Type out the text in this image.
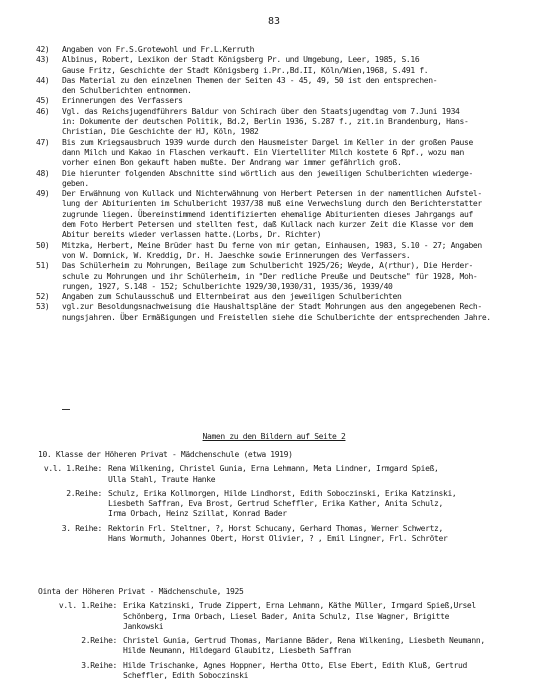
83
42)	Angaben von Fr.S.Grotewohl und Fr.L.Kerruth
43)	Albinus, Robert, Lexikon der Stadt Königsberg Pr. und Umgebung, Leer, 1985, S.16
Gause Fritz, Geschichte der Stadt Königsberg i.Pr.,Bd.II, Köln/Wien,1968, S.491 f.
44)	Das Material zu den einzelnen Themen der Seiten 43 - 45, 49, 50 ist den entsprechen-
den Schulberichten entnommen.
45)	Erinnerungen des Verfassers
46)	Vgl. das Reichsjugendführers Baldur von Schirach über den Staatsjugendtag vom 7.Juni 1934
in: Dokumente der deutschen Politik, Bd.2, Berlin 1936, S.287 f., zit.in Brandenburg, Hans-
Christian, Die Geschichte der HJ, Köln, 1982
47)	Bis zum Kriegsausbruch 1939 wurde durch den Hausmeister Dargel im Keller in der großen Pause
dann Milch und Kakao in Flaschen verkauft. Ein Viertelliter Milch kostete 6 Rpf., wozu man
vorher einen Bon gekauft haben mußte. Der Andrang war immer gefährlich groß.
48)	Die hierunter folgenden Abschnitte sind wörtlich aus den jeweiligen Schulberichten wiederge-
geben.
49)	Der Erwähnung von Kullack und Nichterwähnung von Herbert Petersen in der namentlichen Aufstel-
lung der Abiturienten im Schulbericht 1937/38 muß eine Verwechslung durch den Berichterstatter
zugrunde liegen. Übereinstimmend identifizierten ehemalige Abiturienten dieses Jahrgangs auf
dem Foto Herbert Petersen und stellten fest, daß Kullack nach kurzer Zeit die Klasse vor dem
Abitur bereits wieder verlassen hatte.(Lorbs, Dr. Richter)
50)	Mitzka, Herbert, Meine Brüder hast Du ferne von mir getan, Einhausen, 1983, S.10 - 27; Angaben
von W. Domnick, W. Kreddig, Dr. H. Jaeschke sowie Erinnerungen des Verfassers.
51)	Das Schülerheim zu Mohrungen, Beilage zum Schulbericht 1925/26; Weyde, A(rthur), Die Herder-
schule zu Mohrungen und ihr Schülerheim, in "Der redliche Preuße und Deutsche" für 1928, Moh-
rungen, 1927, S.148 - 152; Schulberichte 1929/30,1930/31, 1935/36, 1939/40
52)	Angaben zum Schulausschuß und Elternbeirat aus den jeweiligen Schulberichten
53)	vgl.zur Besoldungsnachweisung die Haushaltspläne der Stadt Mohrungen aus den angegebenen Rech-
nungsjahren. Über Ermäßigungen und Freistellen siehe die Schulberichte der entsprechenden Jahre.
Namen zu den Bildern auf Seite 2
10. Klasse der Höheren Privat - Mädchenschule (etwa 1919)
v.l. 1.Reihe: Rena Wilkening, Christel Gunia, Erna Lehmann, Meta Lindner, Irmgard Spieß,
Ulla Stahl, Traute Hanke
2.Reihe: Schulz, Erika Kollmorgen, Hilde Lindhorst, Edith Soboczinski, Erika Katzinski,
Liesbeth Saffran, Eva Brost, Gertrud Scheffler, Erika Kather, Anita Schulz,
Irma Orbach, Heinz Szillat, Konrad Bader
3. Reihe: Rektorin Frl. Steltner, ?, Horst Schucany, Gerhard Thomas, Werner Schwertz,
Hans Wormuth, Johannes Obert, Horst Olivier, ? , Emil Lingner, Frl. Schröter
Ointa der Höheren Privat - Mädchenschule, 1925
v.l. 1.Reihe: Erika Katzinski, Trude Zippert, Erna Lehmann, Käthe Müller, Irmgard Spieß,Ursel
Schönberg, Irma Orbach, Liesel Bader, Anita Schulz, Ilse Wagner, Brigitte
Jankowski
2.Reihe: Christel Gunia, Gertrud Thomas, Marianne Bäder, Rena Wilkening, Liesbeth Neumann,
Hilde Neumann, Hildegard Glaubitz, Liesbeth Saffran
3.Reihe: Hilde Trischanke, Agnes Hoppner, Hertha Otto, Else Ebert, Edith Kluß, Gertrud
Scheffler, Edith Soboczinski
